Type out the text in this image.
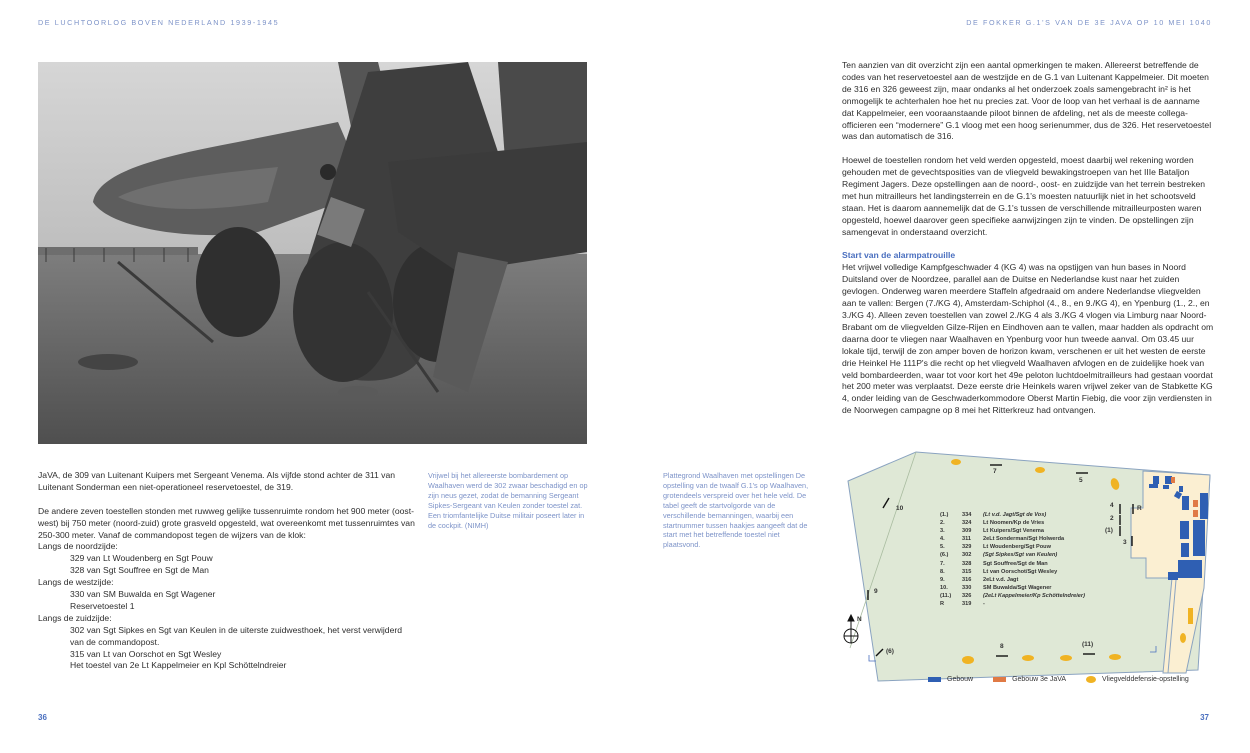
DE LUCHTOORLOG BOVEN NEDERLAND 1939-1945	DE FOKKER G.1'S VAN DE 3E JAVA OP 10 MEI 1040

JaVA, de 309 van Luitenant Kuipers met Sergeant Venema. Als vijfde stond achter de 311 van Luitenant Sonderman een niet-operationeel reservetoestel, de 319.

De andere zeven toestellen stonden met ruwweg gelijke tussenruimte rondom het 900 meter (oost-west) bij 750 meter (noord-zuid) grote grasveld opgesteld, wat overeenkomt met tussenruimtes van 250-300 meter. Vanaf de commandopost tegen de wijzers van de klok:

Langs de noordzijde:
329 van Lt Woudenberg en Sgt Pouw
328 van Sgt Souffree en Sgt de Man
Langs de westzijde:
330 van SM Buwalda en Sgt Wagener
Reservetoestel 1
Langs de zuidzijde:
302 van Sgt Sipkes en Sgt van Keulen in de uiterste zuidwesthoek, het verst verwijderd van de commandopost.
315 van Lt van Oorschot en Sgt Wesley
Het toestel van 2e Lt Kappelmeier en Kpl Schöttelndreier
Vrijwel bij het allereerste bombardement op Waalhaven werd de 302 zwaar beschadigd en op zijn neus gezet, zodat de bemanning Sergeant Sipkes-Sergeant van Keulen zonder toestel zat. Een triomfantelijke Duitse militair poseert later in de cockpit. (NIMH)
Plattegrond Waalhaven met opstellingen De opstelling van de twaalf G.1's op Waalhaven, grotendeels verspreid over het hele veld. De tabel geeft de startvolgorde van de verschillende bemanningen, waarbij een startnummer tussen haakjes aangeeft dat de start met het betreffende toestel niet plaatsvond.

Ten aanzien van dit overzicht zijn een aantal opmerkingen te maken. Allereerst betreffende de codes van het reservetoestel aan de westzijde en de G.1 van Luitenant Kappelmeier. Dit moeten de 316 en 326 geweest zijn, maar ondanks al het onderzoek zoals samengebracht in² is het onmogelijk te achterhalen hoe het nu precies zat. Voor de loop van het verhaal is de aanname dat Kappelmeier, een vooraanstaande piloot binnen de afdeling, net als de meeste collega-officieren een “modernere” G.1 vloog met een hoog serienummer, dus de 326. Het reservetoestel was dan automatisch de 316.

Hoewel de toestellen rondom het veld werden opgesteld, moest daarbij wel rekening worden gehouden met de gevechtsposities van de vliegveld bewakingstroepen van het IIIe Bataljon Regiment Jagers. Deze opstellingen aan de noord-, oost- en zuidzijde van het terrein bestreken met hun mitrailleurs het landingsterrein en de G.1's moesten natuurlijk niet in het schootsveld staan. Het is daarom aannemelijk dat de G.1's tussen de verschillende mitrailleurposten waren opgesteld, hoewel daarover geen specifieke aanwijzingen zijn te vinden. De opstellingen zijn samengevat in onderstaand overzicht.

Start van de alarmpatrouille
Het vrijwel volledige Kampfgeschwader 4 (KG 4) was na opstijgen van hun bases in Noord Duitsland over de Noordzee, parallel aan de Duitse en Nederlandse kust naar het zuiden gevlogen. Onderweg waren meerdere Staffeln afgedraaid om andere Nederlandse vliegvelden aan te vallen: Bergen (7./KG 4), Amsterdam-Schiphol (4., 8., en 9./KG 4), en Ypenburg (1., 2., en 3./KG 4). Alleen zeven toestellen van zowel 2./KG 4 als 3./KG 4 vlogen via Limburg naar Noord-Brabant om de vliegvelden Gilze-Rijen en Eindhoven aan te vallen, maar hadden als opdracht om daarna door te vliegen naar Waalhaven en Ypenburg voor hun tweede aanval. Om 03.45 uur lokale tijd, terwijl de zon amper boven de horizon kwam, verschenen er uit het westen de eerste drie Heinkel He 111P's die recht op het vliegveld Waalhaven afvlogen en de zuidelijke hoek van veld bombardeerden, waar tot voor kort het 49e peloton luchtdoelmitrailleurs had gestaan voordat het 200 meter was verplaatst. Deze eerste drie Heinkels waren vrijwel zeker van de Stabkette KG 4, onder leiding van de Geschwaderkommodore Oberst Martin Fiebig, die voor zijn verdiensten in de Noorwegen campagne op 8 mei het Ritterkreuz had ontvangen.
N
7
5
4	R
2
(1)
3
10
9
(6)
8	(11)
(1.)	334	(Lt v.d. Jagt/Sgt de Vos)
2.	324	Lt Noomen/Kp de Vries
3.	309	Lt Kuipers/Sgt Venema
4.	311	2eLt Sonderman/Sgt Holwerda
5.	329	Lt Woudenberg/Sgt Pouw
(6.)	302	(Sgt Sipkes/Sgt van Keulen)
7.	328	Sgt Souffree/Sgt de Man
8.	315	Lt van Oorschot/Sgt Wesley
9.	316	2eLt v.d. Jagt
10.	330	SM Buwalda/Sgt Wagener
(11.)	326	(2eLt Kappelmeier/Kp Schöttelndreier)
R	319	-
Gebouw	Gebouw 3e JaVA	Vliegvelddefensie-opstelling
36	37
